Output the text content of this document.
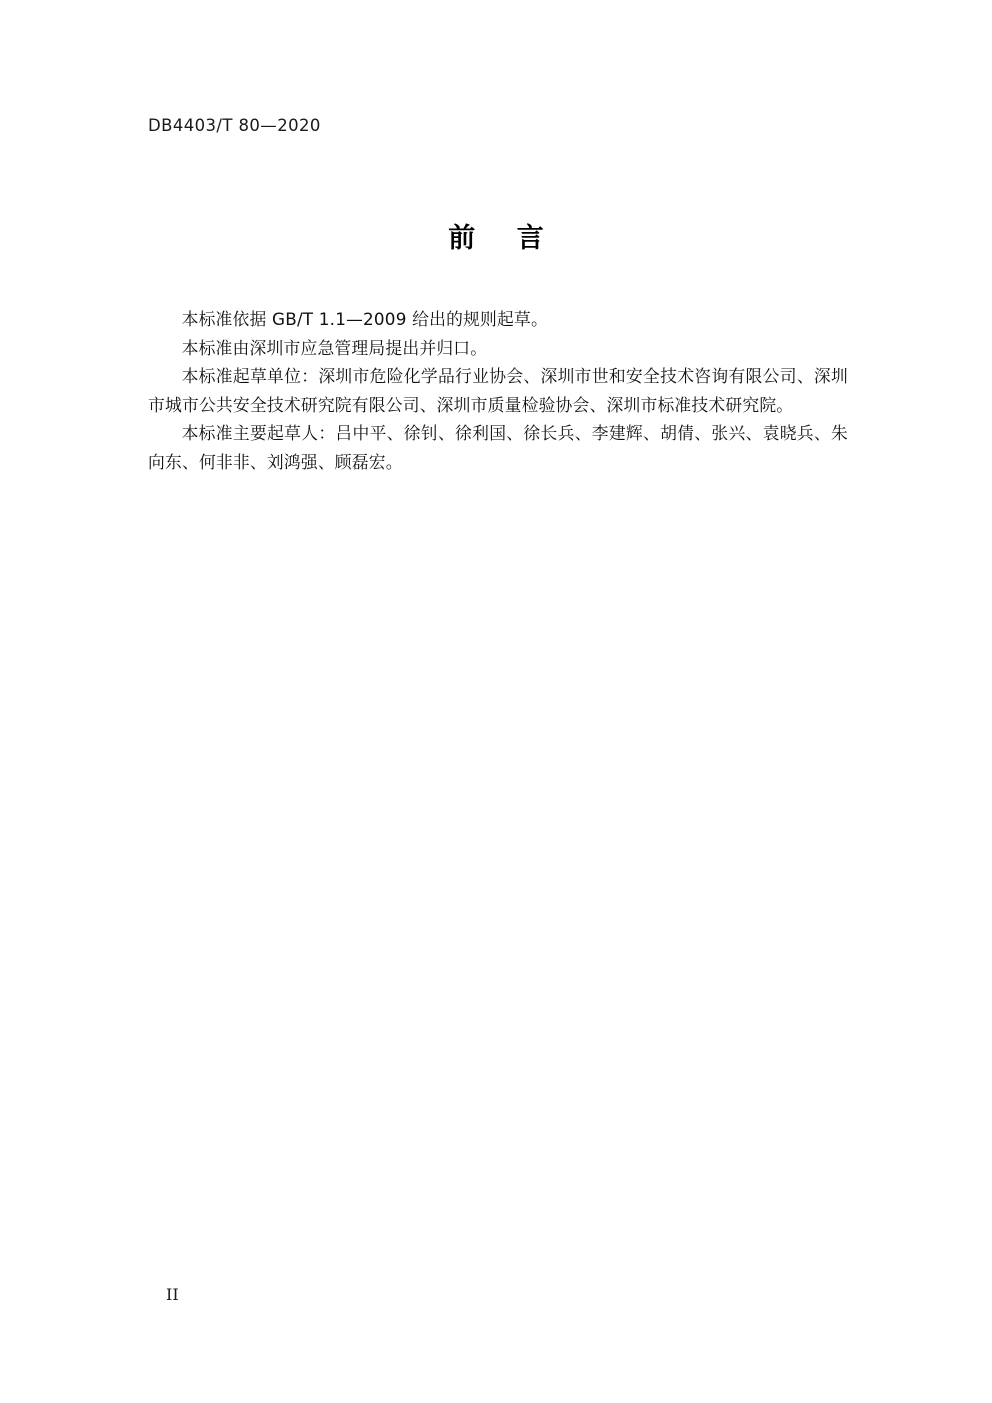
DB4403/T 80—2020
前 言

本标准依据 GB/T 1.1—2009 给出的规则起草。

本标准由深圳市应急管理局提出并归口。

本标准起草单位：深圳市危险化学品行业协会、深圳市世和安全技术咨询有限公司、深圳市城市公共安全技术研究院有限公司、深圳市质量检验协会、深圳市标准技术研究院。

本标准主要起草人：吕中平、徐钊、徐利国、徐长兵、李建辉、胡倩、张兴、袁晓兵、朱向东、何非非、刘鸿强、顾磊宏。

II
